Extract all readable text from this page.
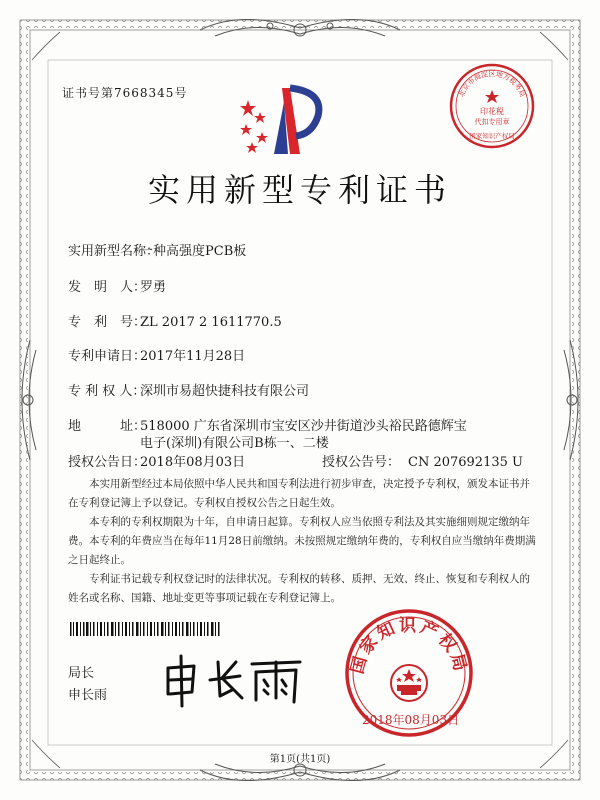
北京市海淀区地方税务局
印花税
代扣专用章
国家知识产权局
证书号第7668345号
实用新型专利证书
实用新型名称：
一种高强度PCB板
发　明　人：
罗勇
专　利　号：
ZL 2017 2 1611770.5
专利申请日：
2017年11月28日
专 利 权 人：
深圳市易超快捷科技有限公司
地　　　址：
518000 广东省深圳市宝安区沙井街道沙头裕民路德辉宝
电子(深圳)有限公司B栋一、二楼
授权公告日：
2018年08月03日	授权公告号： CN 207692135 U

本实用新型经过本局依照中华人民共和国专利法进行初步审查，决定授予专利权，颁发本证书并在专利登记簿上予以登记。专利权自授权公告之日起生效。

本专利的专利权期限为十年，自申请日起算。专利权人应当依照专利法及其实施细则规定缴纳年费。本专利的年费应当在每年11月28日前缴纳。未按照规定缴纳年费的，专利权自应当缴纳年费期满之日起终止。

专利证书记载专利权登记时的法律状况。专利权的转移、质押、无效、终止、恢复和专利权人的姓名或名称、国籍、地址变更等事项记载在专利登记簿上。

局长
申长雨
国家知识产权局
2018年08月03日
第1页(共1页)
